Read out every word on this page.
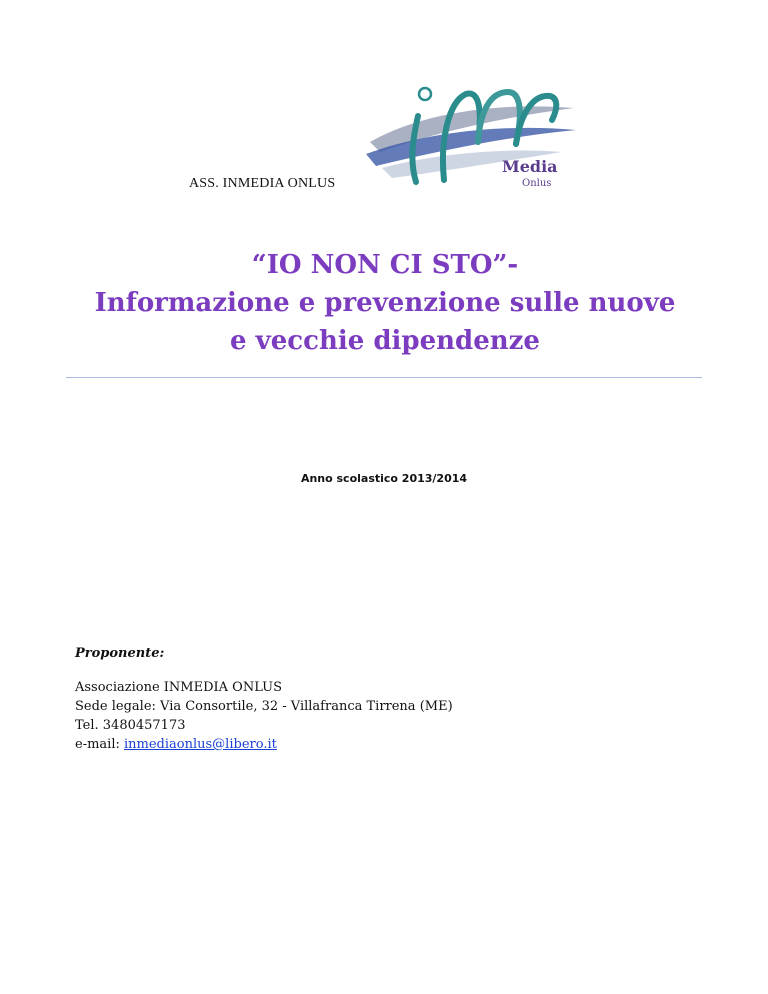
ASS. INMEDIA ONLUS
Media
Onlus
“IO NON CI STO”-
Informazione e prevenzione sulle nuove
e vecchie dipendenze
Anno scolastico 2013/2014
Proponente:
Associazione INMEDIA ONLUS
Sede legale: Via Consortile, 32 - Villafranca Tirrena (ME)
Tel. 3480457173
e-mail: inmediaonlus@libero.it
